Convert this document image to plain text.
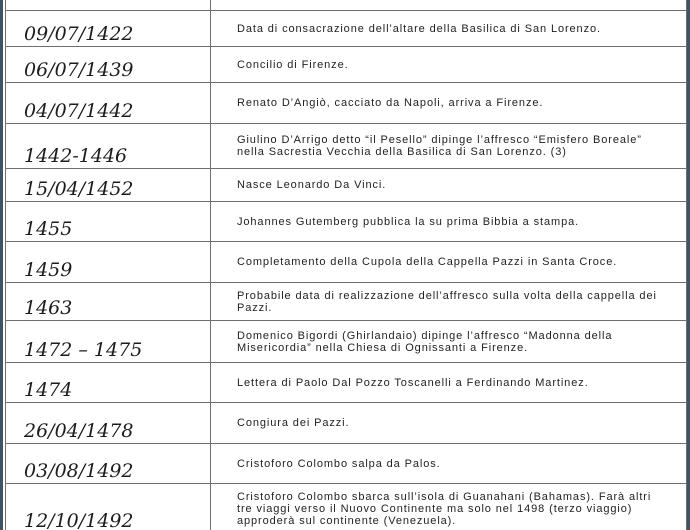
09/07/1422	Data di consacrazione dell’altare della Basilica di San Lorenzo.
06/07/1439	Concilio di Firenze.
04/07/1442	Renato D’Angiò, cacciato da Napoli, arriva a Firenze.
1442-1446	Giulino D’Arrigo detto “il Pesello” dipinge l’affresco “Emisfero Boreale” nella Sacrestia Vecchia della Basilica di San Lorenzo. (3)
15/04/1452	Nasce Leonardo Da Vinci.
1455	Johannes Gutemberg pubblica la su prima Bibbia a stampa.
1459	Completamento della Cupola della Cappella Pazzi in Santa Croce.
1463	Probabile data di realizzazione dell’affresco sulla volta della cappella dei Pazzi.
1472 – 1475	Domenico Bigordi (Ghirlandaio) dipinge l’affresco “Madonna della Misericordia” nella Chiesa di Ognissanti a Firenze.
1474	Lettera di Paolo Dal Pozzo Toscanelli a Ferdinando Martinez.
26/04/1478	Congiura dei Pazzi.
03/08/1492	Cristoforo Colombo salpa da Palos.
12/10/1492	Cristoforo Colombo sbarca sull’isola di Guanahani (Bahamas). Farà altri tre viaggi verso il Nuovo Continente ma solo nel 1498 (terzo viaggio) approderà sul continente (Venezuela).
